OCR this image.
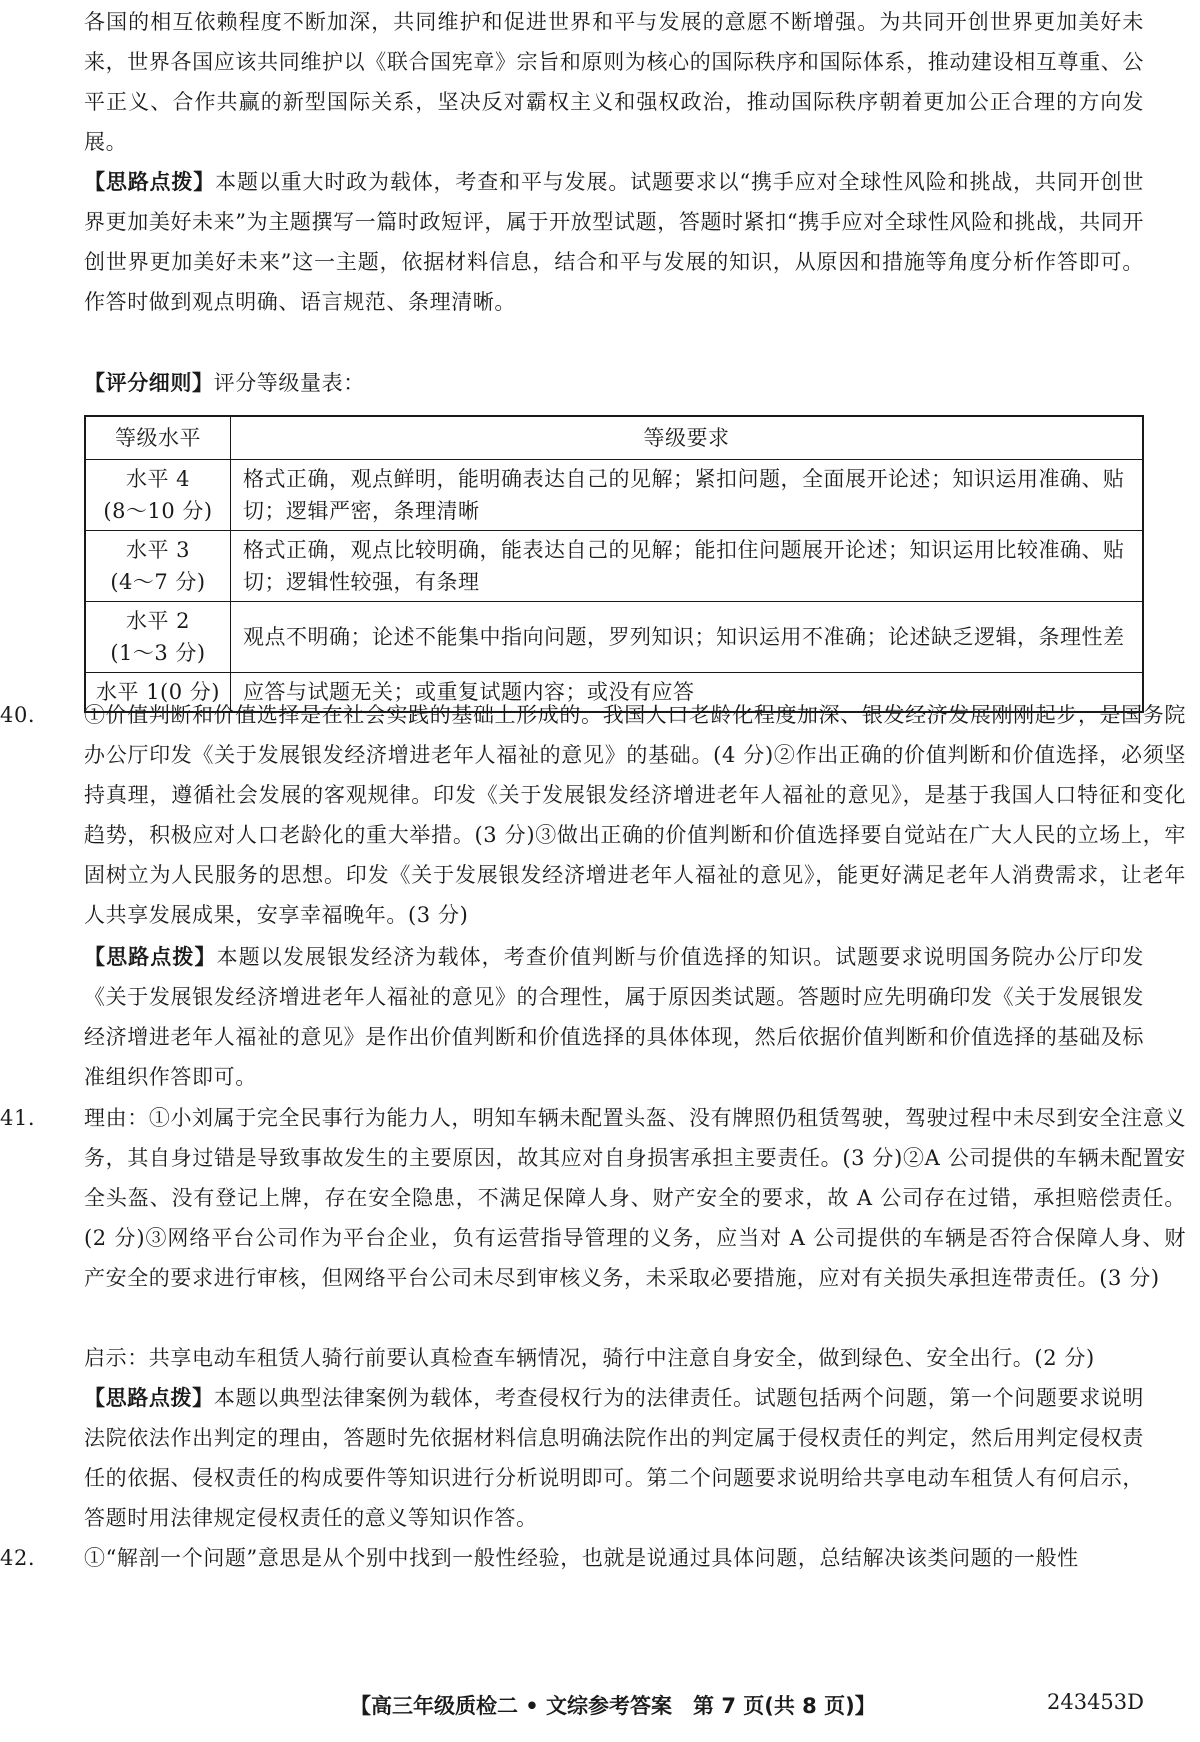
各国的相互依赖程度不断加深，共同维护和促进世界和平与发展的意愿不断增强。为共同开创世界更加美好未来，世界各国应该共同维护以《联合国宪章》宗旨和原则为核心的国际秩序和国际体系，推动建设相互尊重、公平正义、合作共赢的新型国际关系，坚决反对霸权主义和强权政治，推动国际秩序朝着更加公正合理的方向发展。

【思路点拨】本题以重大时政为载体，考查和平与发展。试题要求以“携手应对全球性风险和挑战，共同开创世界更加美好未来”为主题撰写一篇时政短评，属于开放型试题，答题时紧扣“携手应对全球性风险和挑战，共同开创世界更加美好未来”这一主题，依据材料信息，结合和平与发展的知识，从原因和措施等角度分析作答即可。作答时做到观点明确、语言规范、条理清晰。

【评分细则】评分等级量表：

等级水平	等级要求

水平 4
(8～10 分)	格式正确，观点鲜明，能明确表达自己的见解；紧扣问题，全面展开论述；知识运用准确、贴切；逻辑严密，条理清晰

水平 3
(4～7 分)	格式正确，观点比较明确，能表达自己的见解；能扣住问题展开论述；知识运用比较准确、贴切；逻辑性较强，有条理

水平 2
(1～3 分)	观点不明确；论述不能集中指向问题，罗列知识；知识运用不准确；论述缺乏逻辑，条理性差
水平 1(0 分)	应答与试题无关；或重复试题内容；或没有应答

40. ①价值判断和价值选择是在社会实践的基础上形成的。我国人口老龄化程度加深、银发经济发展刚刚起步，是国务院办公厅印发《关于发展银发经济增进老年人福祉的意见》的基础。(4 分)②作出正确的价值判断和价值选择，必须坚持真理，遵循社会发展的客观规律。印发《关于发展银发经济增进老年人福祉的意见》，是基于我国人口特征和变化趋势，积极应对人口老龄化的重大举措。(3 分)③做出正确的价值判断和价值选择要自觉站在广大人民的立场上，牢固树立为人民服务的思想。印发《关于发展银发经济增进老年人福祉的意见》，能更好满足老年人消费需求，让老年人共享发展成果，安享幸福晚年。(3 分)

【思路点拨】本题以发展银发经济为载体，考查价值判断与价值选择的知识。试题要求说明国务院办公厅印发《关于发展银发经济增进老年人福祉的意见》的合理性，属于原因类试题。答题时应先明确印发《关于发展银发经济增进老年人福祉的意见》是作出价值判断和价值选择的具体体现，然后依据价值判断和价值选择的基础及标准组织作答即可。

41. 理由：①小刘属于完全民事行为能力人，明知车辆未配置头盔、没有牌照仍租赁驾驶，驾驶过程中未尽到安全注意义务，其自身过错是导致事故发生的主要原因，故其应对自身损害承担主要责任。(3 分)②A 公司提供的车辆未配置安全头盔、没有登记上牌，存在安全隐患，不满足保障人身、财产安全的要求，故 A 公司存在过错，承担赔偿责任。(2 分)③网络平台公司作为平台企业，负有运营指导管理的义务，应当对 A 公司提供的车辆是否符合保障人身、财产安全的要求进行审核，但网络平台公司未尽到审核义务，未采取必要措施，应对有关损失承担连带责任。(3 分)

启示：共享电动车租赁人骑行前要认真检查车辆情况，骑行中注意自身安全，做到绿色、安全出行。(2 分)

【思路点拨】本题以典型法律案例为载体，考查侵权行为的法律责任。试题包括两个问题，第一个问题要求说明法院依法作出判定的理由，答题时先依据材料信息明确法院作出的判定属于侵权责任的判定，然后用判定侵权责任的依据、侵权责任的构成要件等知识进行分析说明即可。第二个问题要求说明给共享电动车租赁人有何启示，答题时用法律规定侵权责任的意义等知识作答。

42. ①“解剖一个问题”意思是从个别中找到一般性经验，也就是说通过具体问题，总结解决该类问题的一般性

【高三年级质检二 • 文综参考答案　第 7 页(共 8 页)】	243453D
